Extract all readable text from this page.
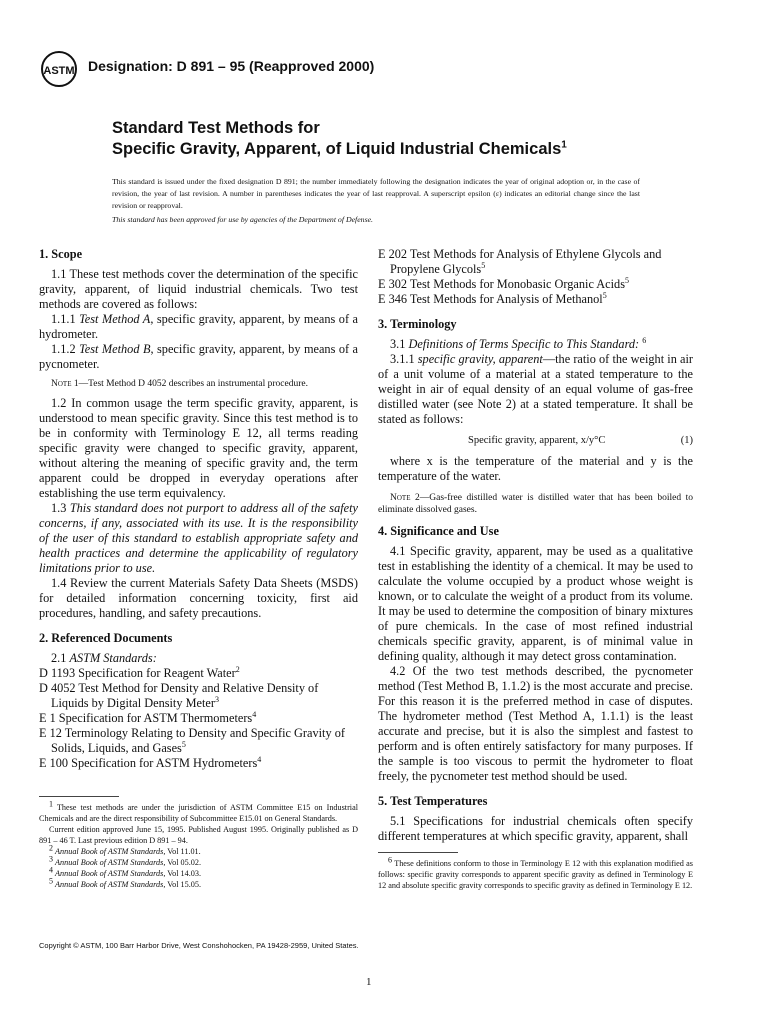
ASTM Designation: D 891 – 95 (Reapproved 2000)
Standard Test Methods for
Specific Gravity, Apparent, of Liquid Industrial Chemicals$^1$
This standard is issued under the fixed designation D 891; the number immediately following the designation indicates the year of original adoption or, in the case of revision, the year of last revision. A number in parentheses indicates the year of last reapproval. A superscript epsilon (ε) indicates an editorial change since the last revision or reapproval.
This standard has been approved for use by agencies of the Department of Defense.

1. Scope

1.1 These test methods cover the determination of the specific gravity, apparent, of liquid industrial chemicals. Two test methods are covered as follows:

1.1.1 Test Method A, specific gravity, apparent, by means of a hydrometer.

1.1.2 Test Method B, specific gravity, apparent, by means of a pycnometer.

Note 1—Test Method D 4052 describes an instrumental procedure.

1.2 In common usage the term specific gravity, apparent, is understood to mean specific gravity. Since this test method is to be in conformity with Terminology E 12, all terms reading specific gravity were changed to specific gravity, apparent, without altering the meaning of specific gravity and, the term apparent could be dropped in everyday operations after establishing the use term equivalency.

1.3 This standard does not purport to address all of the safety concerns, if any, associated with its use. It is the responsibility of the user of this standard to establish appropriate safety and health practices and determine the applicability of regulatory limitations prior to use.

1.4 Review the current Materials Safety Data Sheets (MSDS) for detailed information concerning toxicity, first aid procedures, handling, and safety precautions.

2. Referenced Documents

2.1 ASTM Standards:

D 1193 Specification for Reagent Water$^2$

D 4052 Test Method for Density and Relative Density of Liquids by Digital Density Meter$^3$

E 1 Specification for ASTM Thermometers$^4$

E 12 Terminology Relating to Density and Specific Gravity of Solids, Liquids, and Gases$^5$

E 100 Specification for ASTM Hydrometers$^4$

$^1$ These test methods are under the jurisdiction of ASTM Committee E15 on Industrial Chemicals and are the direct responsibility of Subcommittee E15.01 on General Standards.

Current edition approved June 15, 1995. Published August 1995. Originally published as D 891 – 46 T. Last previous edition D 891 – 94.

$^2$ Annual Book of ASTM Standards, Vol 11.01.

$^3$ Annual Book of ASTM Standards, Vol 05.02.

$^4$ Annual Book of ASTM Standards, Vol 14.03.

$^5$ Annual Book of ASTM Standards, Vol 15.05.

E 202 Test Methods for Analysis of Ethylene Glycols and Propylene Glycols$^5$

E 302 Test Methods for Monobasic Organic Acids$^5$

E 346 Test Methods for Analysis of Methanol$^5$

3. Terminology

3.1 Definitions of Terms Specific to This Standard: $^6$

3.1.1 specific gravity, apparent—the ratio of the weight in air of a unit volume of a material at a stated temperature to the weight in air of equal density of an equal volume of gas-free distilled water (see Note 2) at a stated temperature. It shall be stated as follows:

Specific gravity, apparent, x/y°C	(1)

where x is the temperature of the material and y is the temperature of the water.

Note 2—Gas-free distilled water is distilled water that has been boiled to eliminate dissolved gases.

4. Significance and Use

4.1 Specific gravity, apparent, may be used as a qualitative test in establishing the identity of a chemical. It may be used to calculate the volume occupied by a product whose weight is known, or to calculate the weight of a product from its volume. It may be used to determine the composition of binary mixtures of pure chemicals. In the case of most refined industrial chemicals specific gravity, apparent, is of minimal value in defining quality, although it may detect gross contamination.

4.2 Of the two test methods described, the pycnometer method (Test Method B, 1.1.2) is the most accurate and precise. For this reason it is the preferred method in case of disputes. The hydrometer method (Test Method A, 1.1.1) is the least accurate and precise, but it is also the simplest and fastest to perform and is often entirely satisfactory for many purposes. If the sample is too viscous to permit the hydrometer to float freely, the pycnometer test method should be used.

5. Test Temperatures

5.1 Specifications for industrial chemicals often specify different temperatures at which specific gravity, apparent, shall

$^6$ These definitions conform to those in Terminology E 12 with this explanation modified as follows: specific gravity corresponds to apparent specific gravity as defined in Terminology E 12 and absolute specific gravity corresponds to specific gravity as defined in Terminology E 12.

Copyright © ASTM, 100 Barr Harbor Drive, West Conshohocken, PA 19428-2959, United States.
1
